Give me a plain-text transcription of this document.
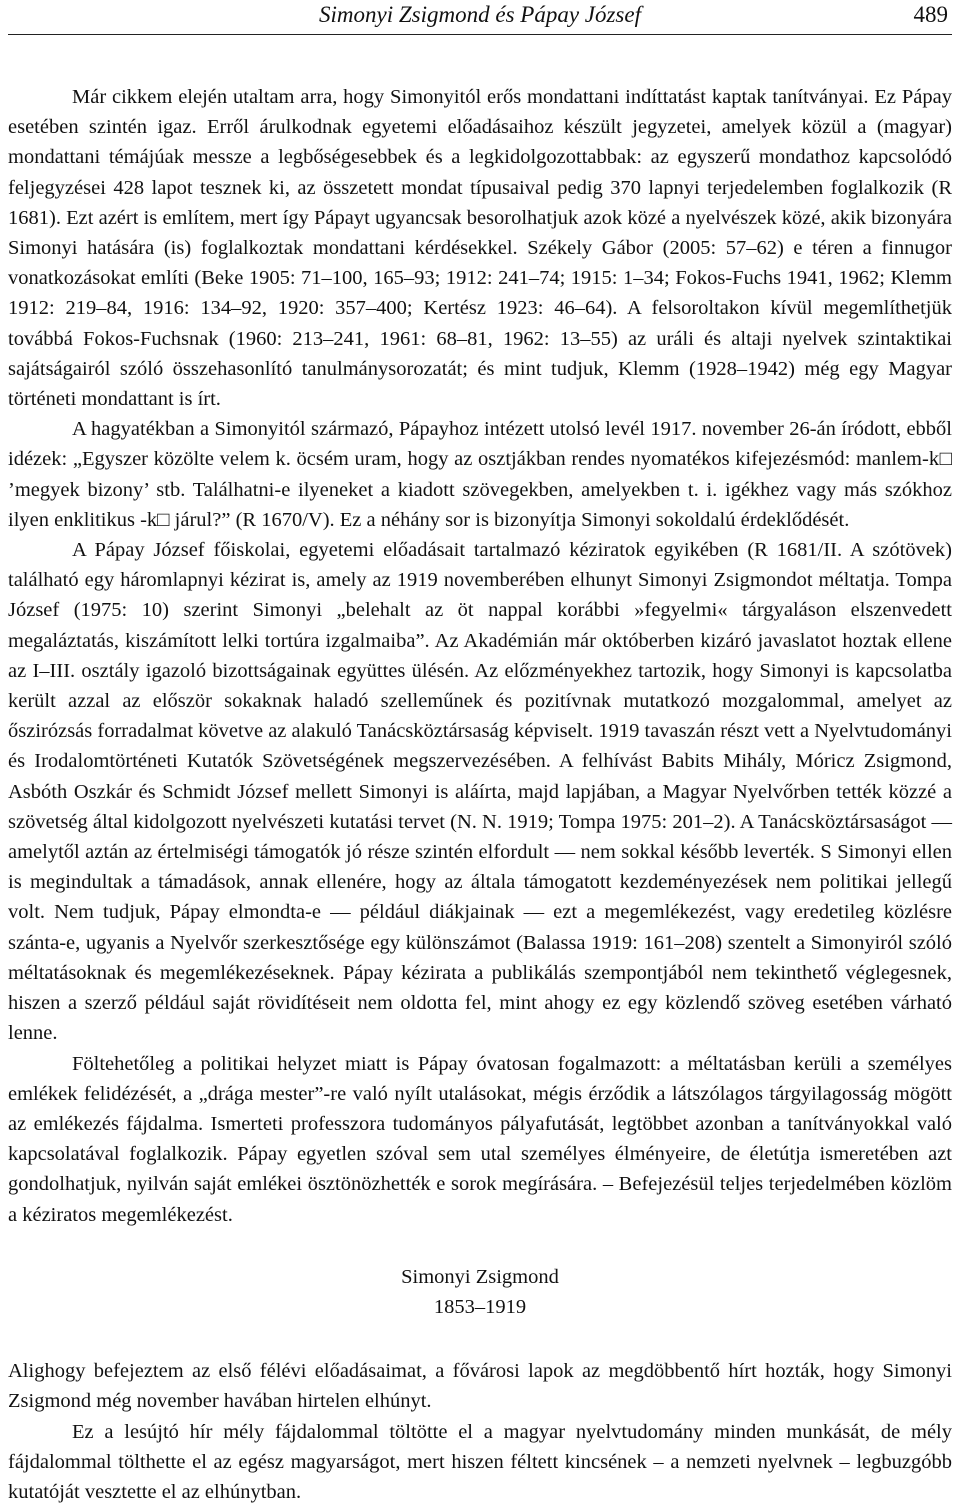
Simonyi Zsigmond és Pápay József	489

Már cikkem elején utaltam arra, hogy Simonyitól erős mondattani indíttatást kaptak tanítványai. Ez Pápay esetében szintén igaz. Erről árulkodnak egyetemi előadásaihoz készült jegyzetei, amelyek közül a (magyar) mondattani témájúak messze a legbőségesebbek és a legkidolgozottabbak: az egyszerű mondathoz kapcsolódó feljegyzései 428 lapot tesznek ki, az összetett mondat típusaival pedig 370 lapnyi terjedelemben foglalkozik (R 1681). Ezt azért is említem, mert így Pápayt ugyancsak besorolhatjuk azok közé a nyelvészek közé, akik bizonyára Simonyi hatására (is) foglalkoztak mondattani kérdésekkel. Székely Gábor (2005: 57–62) e téren a finnugor vonatkozásokat említi (Beke 1905: 71–100, 165–93; 1912: 241–74; 1915: 1–34; Fokos-Fuchs 1941, 1962; Klemm 1912: 219–84, 1916: 134–92, 1920: 357–400; Kertész 1923: 46–64). A felsoroltakon kívül megemlíthetjük továbbá Fokos-Fuchsnak (1960: 213–241, 1961: 68–81, 1962: 13–55) az uráli és altaji nyelvek szintaktikai sajátságairól szóló összehasonlító tanulmánysorozatát; és mint tudjuk, Klemm (1928–1942) még egy Magyar történeti mondattant is írt.

A hagyatékban a Simonyitól származó, Pápayhoz intézett utolsó levél 1917. november 26-án íródott, ebből idézek: „Egyszer közölte velem k. öcsém uram, hogy az osztjákban rendes nyomatékos kifejezésmód: manlem-k□ ’megyek bizony’ stb. Találhatni-e ilyeneket a kiadott szövegekben, amelyekben t. i. igékhez vagy más szókhoz ilyen enklitikus -k□ járul?” (R 1670/V). Ez a néhány sor is bizonyítja Simonyi sokoldalú érdeklődését.

A Pápay József főiskolai, egyetemi előadásait tartalmazó kéziratok egyikében (R 1681/II. A szótövek) található egy háromlapnyi kézirat is, amely az 1919 novemberében elhunyt Simonyi Zsigmondot méltatja. Tompa József (1975: 10) szerint Simonyi „belehalt az öt nappal korábbi »fegyelmi« tárgyaláson elszenvedett megaláztatás, kiszámított lelki tortúra izgalmaiba”. Az Akadémián már októberben kizáró javaslatot hoztak ellene az I–III. osztály igazoló bizottságainak együttes ülésén. Az előzményekhez tartozik, hogy Simonyi is kapcsolatba került azzal az először sokaknak haladó szelleműnek és pozitívnak mutatkozó mozgalommal, amelyet az őszirózsás forradalmat követve az alakuló Tanácsköztársaság képviselt. 1919 tavaszán részt vett a Nyelvtudományi és Irodalomtörténeti Kutatók Szövetségének megszervezésében. A felhívást Babits Mihály, Móricz Zsigmond, Asbóth Oszkár és Schmidt József mellett Simonyi is aláírta, majd lapjában, a Magyar Nyelvőrben tették közzé a szövetség által kidolgozott nyelvészeti kutatási tervet (N. N. 1919; Tompa 1975: 201–2). A Tanácsköztársaságot — amelytől aztán az értelmiségi támogatók jó része szintén elfordult — nem sokkal később leverték. S Simonyi ellen is megindultak a támadások, annak ellenére, hogy az általa támogatott kezdeményezések nem politikai jellegű volt. Nem tudjuk, Pápay elmondta-e — például diákjainak — ezt a megemlékezést, vagy eredetileg közlésre szánta-e, ugyanis a Nyelvőr szerkesztősége egy különszámot (Balassa 1919: 161–208) szentelt a Simonyiról szóló méltatásoknak és megemlékezéseknek. Pápay kézirata a publikálás szempontjából nem tekinthető véglegesnek, hiszen a szerző például saját rövidítéseit nem oldotta fel, mint ahogy ez egy közlendő szöveg esetében várható lenne.

Föltehetőleg a politikai helyzet miatt is Pápay óvatosan fogalmazott: a méltatásban kerüli a személyes emlékek felidézését, a „drága mester”-re való nyílt utalásokat, mégis érződik a látszólagos tárgyilagosság mögött az emlékezés fájdalma. Ismerteti professzora tudományos pályafutását, legtöbbet azonban a tanítványokkal való kapcsolatával foglalkozik. Pápay egyetlen szóval sem utal személyes élményeire, de életútja ismeretében azt gondolhatjuk, nyilván saját emlékei ösztönözhették e sorok megírására. – Befejezésül teljes terjedelmében közlöm a kéziratos megemlékezést.

Simonyi Zsigmond
1853–1919

Alighogy befejeztem az első félévi előadásaimat, a fővárosi lapok az megdöbbentő hírt hozták, hogy Simonyi Zsigmond még november havában hirtelen elhúnyt.

Ez a lesújtó hír mély fájdalommal töltötte el a magyar nyelvtudomány minden munkását, de mély fájdalommal tölthette el az egész magyarságot, mert hiszen féltett kincsének – a nemzeti nyelvnek – legbuzgóbb kutatóját vesztette el az elhúnytban.
